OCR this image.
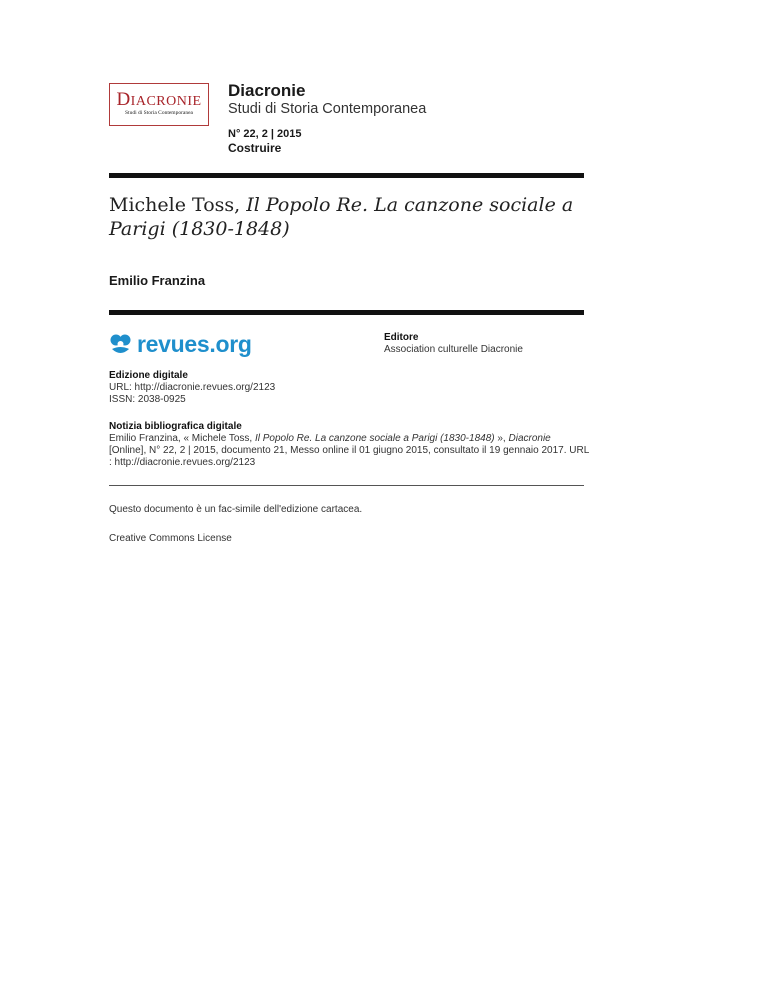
DIACRONIE
Studi di Storia Contemporanea
Diacronie
Studi di Storia Contemporanea
N° 22, 2 | 2015
Costruire
Michele Toss, Il Popolo Re. La canzone sociale a Parigi (1830-1848)
Emilio Franzina
revues.org	Editore
Association culturelle Diacronie
Edizione digitale
URL: http://diacronie.revues.org/2123
ISSN: 2038-0925
Notizia bibliografica digitale
Emilio Franzina, « Michele Toss, Il Popolo Re. La canzone sociale a Parigi (1830-1848) », Diacronie [Online], N° 22, 2 | 2015, documento 21, Messo online il 01 giugno 2015, consultato il 19 gennaio 2017. URL : http://diacronie.revues.org/2123
Questo documento è un fac-simile dell'edizione cartacea.
Creative Commons License
